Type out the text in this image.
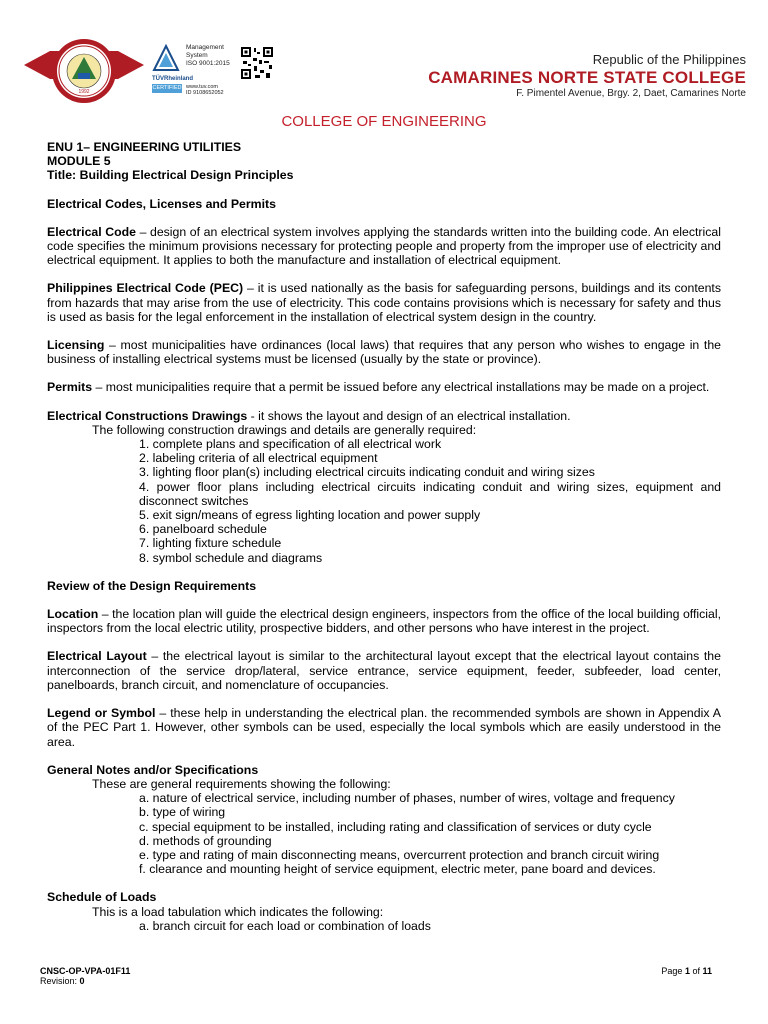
1992
TÜVRheinland
CERTIFIED
Management
System
ISO 9001:2015
www.tuv.com
ID 9108652052
Republic of the Philippines
CAMARINES NORTE STATE COLLEGE
F. Pimentel Avenue, Brgy. 2, Daet, Camarines Norte
COLLEGE OF ENGINEERING

ENU 1– ENGINEERING UTILITIES

MODULE 5

Title: Building Electrical Design Principles

Electrical Codes, Licenses and Permits

Electrical Code – design of an electrical system involves applying the standards written into the building code. An electrical code specifies the minimum provisions necessary for protecting people and property from the improper use of electricity and electrical equipment. It applies to both the manufacture and installation of electrical equipment.

Philippines Electrical Code (PEC) – it is used nationally as the basis for safeguarding persons, buildings and its contents from hazards that may arise from the use of electricity. This code contains provisions which is necessary for safety and thus is used as basis for the legal enforcement in the installation of electrical system design in the country.

Licensing – most municipalities have ordinances (local laws) that requires that any person who wishes to engage in the business of installing electrical systems must be licensed (usually by the state or province).

Permits – most municipalities require that a permit be issued before any electrical installations may be made on a project.

Electrical Constructions Drawings - it shows the layout and design of an electrical installation.

The following construction drawings and details are generally required:

1. complete plans and specification of all electrical work
2. labeling criteria of all electrical equipment
3. lighting floor plan(s) including electrical circuits indicating conduit and wiring sizes
4. power floor plans including electrical circuits indicating conduit and wiring sizes, equipment and disconnect switches
5. exit sign/means of egress lighting location and power supply
6. panelboard schedule
7. lighting fixture schedule
8. symbol schedule and diagrams

Review of the Design Requirements

Location – the location plan will guide the electrical design engineers, inspectors from the office of the local building official, inspectors from the local electric utility, prospective bidders, and other persons who have interest in the project.

Electrical Layout – the electrical layout is similar to the architectural layout except that the electrical layout contains the interconnection of the service drop/lateral, service entrance, service equipment, feeder, subfeeder, load center, panelboards, branch circuit, and nomenclature of occupancies.

Legend or Symbol – these help in understanding the electrical plan. the recommended symbols are shown in Appendix A of the PEC Part 1. However, other symbols can be used, especially the local symbols which are easily understood in the area.

General Notes and/or Specifications

These are general requirements showing the following:

a. nature of electrical service, including number of phases, number of wires, voltage and frequency
b. type of wiring
c. special equipment to be installed, including rating and classification of services or duty cycle
d. methods of grounding
e. type and rating of main disconnecting means, overcurrent protection and branch circuit wiring
f. clearance and mounting height of service equipment, electric meter, pane board and devices.

Schedule of Loads

This is a load tabulation which indicates the following:

a. branch circuit for each load or combination of loads
CNSC-OP-VPA-01F11
Revision: 0
Page 1 of 11
